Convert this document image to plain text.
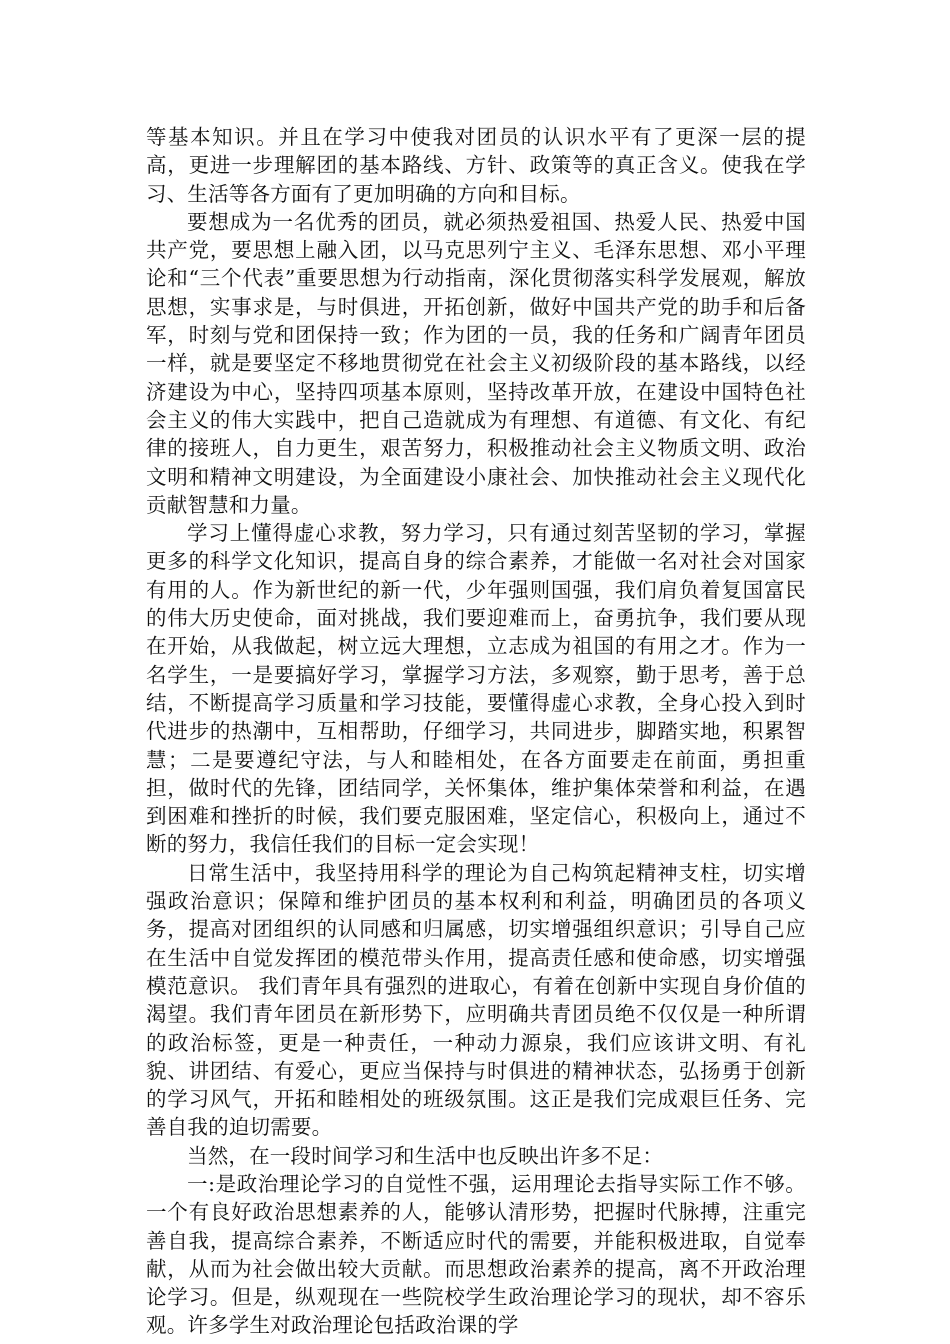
等基本知识。并且在学习中使我对团员的认识水平有了更深一层的提高，更进一步理解团的基本路线、方针、政策等的真正含义。使我在学习、生活等各方面有了更加明确的方向和目标。

要想成为一名优秀的团员，就必须热爱祖国、热爱人民、热爱中国共产党，要思想上融入团，以马克思列宁主义、毛泽东思想、邓小平理论和“三个代表”重要思想为行动指南，深化贯彻落实科学发展观，解放思想，实事求是，与时俱进，开拓创新，做好中国共产党的助手和后备军，时刻与党和团保持一致；作为团的一员，我的任务和广阔青年团员一样，就是要坚定不移地贯彻党在社会主义初级阶段的基本路线，以经济建设为中心，坚持四项基本原则，坚持改革开放，在建设中国特色社会主义的伟大实践中，把自己造就成为有理想、有道德、有文化、有纪律的接班人，自力更生，艰苦努力，积极推动社会主义物质文明、政治文明和精神文明建设，为全面建设小康社会、加快推动社会主义现代化贡献智慧和力量。

学习上懂得虚心求教，努力学习，只有通过刻苦坚韧的学习，掌握更多的科学文化知识，提高自身的综合素养，才能做一名对社会对国家有用的人。作为新世纪的新一代，少年强则国强，我们肩负着复国富民的伟大历史使命，面对挑战，我们要迎难而上，奋勇抗争，我们要从现在开始，从我做起，树立远大理想，立志成为祖国的有用之才。作为一名学生，一是要搞好学习，掌握学习方法，多观察，勤于思考，善于总结，不断提高学习质量和学习技能，要懂得虚心求教，全身心投入到时代进步的热潮中，互相帮助，仔细学习，共同进步，脚踏实地，积累智慧；二是要遵纪守法，与人和睦相处，在各方面要走在前面，勇担重担，做时代的先锋，团结同学，关怀集体，维护集体荣誉和利益，在遇到困难和挫折的时候，我们要克服困难，坚定信心，积极向上，通过不断的努力，我信任我们的目标一定会实现！

日常生活中，我坚持用科学的理论为自己构筑起精神支柱，切实增强政治意识；保障和维护团员的基本权利和利益，明确团员的各项义务，提高对团组织的认同感和归属感，切实增强组织意识；引导自己应在生活中自觉发挥团的模范带头作用，提高责任感和使命感，切实增强模范意识。 我们青年具有强烈的进取心，有着在创新中实现自身价值的渴望。我们青年团员在新形势下，应明确共青团员绝不仅仅是一种所谓的政治标签，更是一种责任，一种动力源泉，我们应该讲文明、有礼貌、讲团结、有爱心，更应当保持与时俱进的精神状态，弘扬勇于创新的学习风气，开拓和睦相处的班级氛围。这正是我们完成艰巨任务、完善自我的迫切需要。

当然，在一段时间学习和生活中也反映出许多不足：

一:是政治理论学习的自觉性不强，运用理论去指导实际工作不够。一个有良好政治思想素养的人，能够认清形势，把握时代脉搏，注重完善自我，提高综合素养，不断适应时代的需要，并能积极进取，自觉奉献，从而为社会做出较大贡献。而思想政治素养的提高，离不开政治理论学习。但是，纵观现在一些院校学生政治理论学习的现状，却不容乐观。许多学生对政治理论包括政治课的学
